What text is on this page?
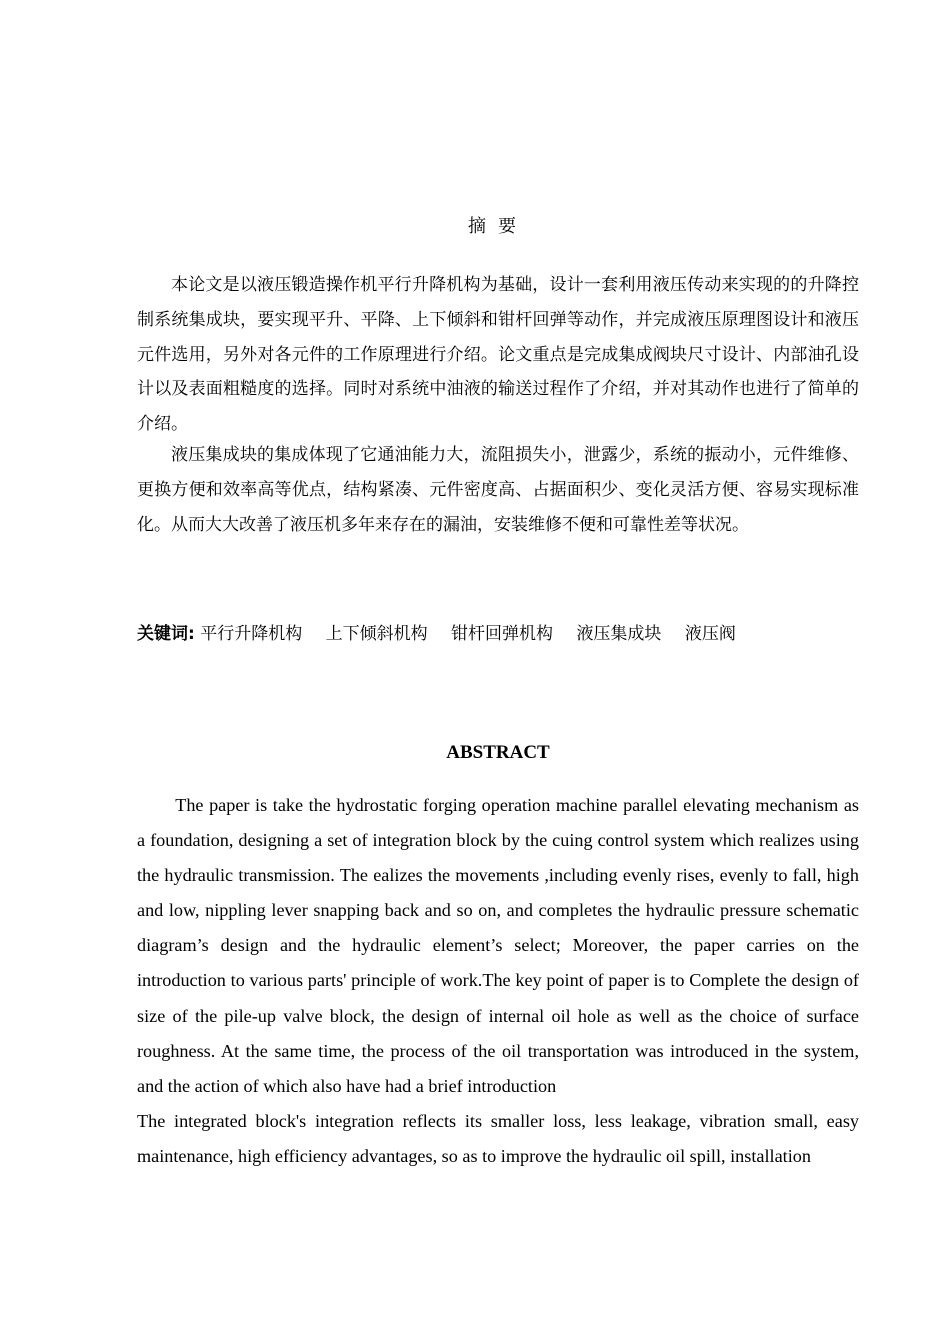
摘要

本论文是以液压锻造操作机平行升降机构为基础，设计一套利用液压传动来实现的的升降控制系统集成块，要实现平升、平降、上下倾斜和钳杆回弹等动作，并完成液压原理图设计和液压元件选用，另外对各元件的工作原理进行介绍。论文重点是完成集成阀块尺寸设计、内部油孔设计以及表面粗糙度的选择。同时对系统中油液的输送过程作了介绍，并对其动作也进行了简单的介绍。

液压集成块的集成体现了它通油能力大，流阻损失小，泄露少，系统的振动小，元件维修、更换方便和效率高等优点，结构紧凑、元件密度高、占据面积少、变化灵活方便、容易实现标准化。从而大大改善了液压机多年来存在的漏油，安装维修不便和可靠性差等状况。

关键词: 平行升降机构 上下倾斜机构 钳杆回弹机构 液压集成块 液压阀
ABSTRACT

The paper is take the hydrostatic forging operation machine parallel elevating mechanism as a foundation, designing a set of integration block by the cuing control system which realizes using the hydraulic transmission. The ealizes the movements ,including evenly rises, evenly to fall, high and low, nippling lever snapping back and so on, and completes the hydraulic pressure schematic diagram’s design and the hydraulic element’s select; Moreover, the paper carries on the introduction to various parts' principle of work.The key point of paper is to Complete the design of size of the pile-up valve block, the design of internal oil hole as well as the choice of surface roughness. At the same time, the process of the oil transportation was introduced in the system, and the action of which also have had a brief introduction

The integrated block's integration reflects its smaller loss, less leakage, vibration small, easy maintenance, high efficiency advantages, so as to improve the hydraulic oil spill, installation
